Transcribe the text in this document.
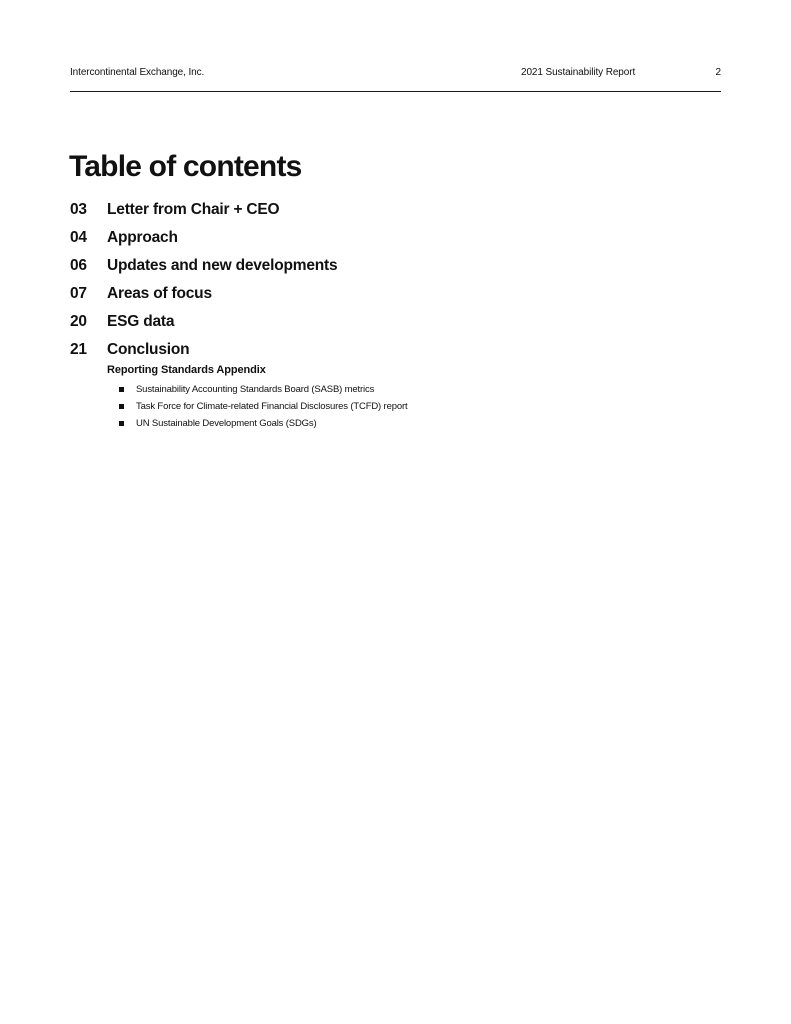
Intercontinental Exchange, Inc.	2021 Sustainability Report	2
Table of contents
03 Letter from Chair + CEO
04 Approach
06 Updates and new developments
07 Areas of focus
20 ESG data
21 Conclusion
Reporting Standards Appendix
Sustainability Accounting Standards Board (SASB) metrics
Task Force for Climate-related Financial Disclosures (TCFD) report
UN Sustainable Development Goals (SDGs)
